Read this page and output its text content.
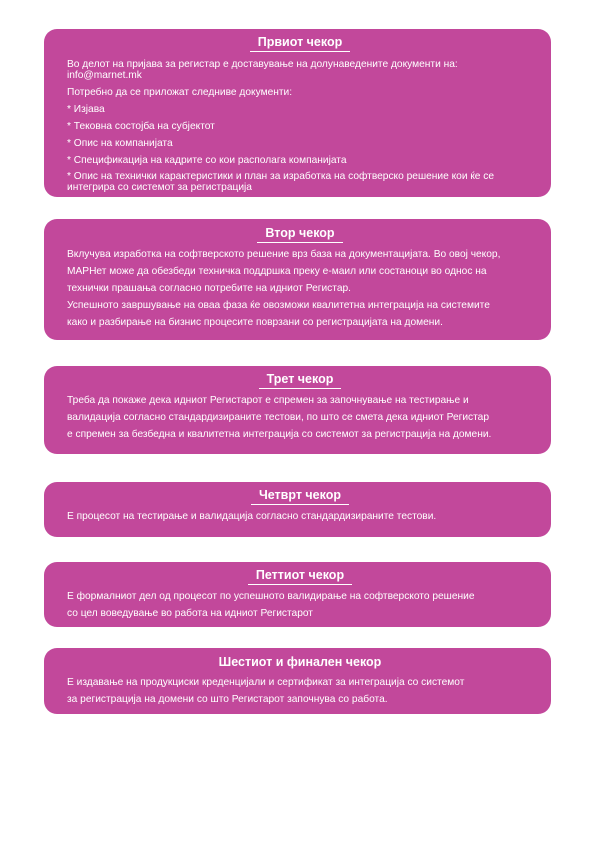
Првиот чекор
Во делот на пријава за регистар е доставување на долунаведените документи на: info@marnet.mk
Потребно да се приложат следниве документи:
* Изјава
* Тековна состојба на субјектот
* Опис на компанијата
* Спецификација на кадрите со кои располага компанијата
* Опис на технички карактеристики и план за изработка на софтверско решение кои ќе се интегрира со системот за регистрација
Втор чекор
Вклучува изработка на софтверското решение врз база на документацијата. Во овој чекор,
МАРНет може да обезбеди техничка поддршка преку е-маил или состаноци во однос на
технички прашања согласно потребите на идниот Регистар.
Успешното завршување на оваа фаза ќе овозможи квалитетна интеграција на системите
како и разбирање на бизнис процесите поврзани со регистрацијата на домени.
Трет чекор
Треба да покаже дека идниот Регистарот е спремен за започнување на тестирање и
валидација согласно стандардизираните тестови, по што се смета дека идниот Регистар
е спремен за безбедна и квалитетна интеграција со системот за регистрација на домени.
Четврт чекор
Е процесот на тестирање и валидација согласно стандардизираните тестови.
Петтиот чекор
Е формалниот дел од процесот по успешното валидирање на софтверското решение
со цел воведување во работа на идниот Регистарот
Шестиот и финален чекор
Е издавање на продукциски креденцијали и сертификат за интеграција со системот
за регистрација на домени со што Регистарот започнува со работа.
